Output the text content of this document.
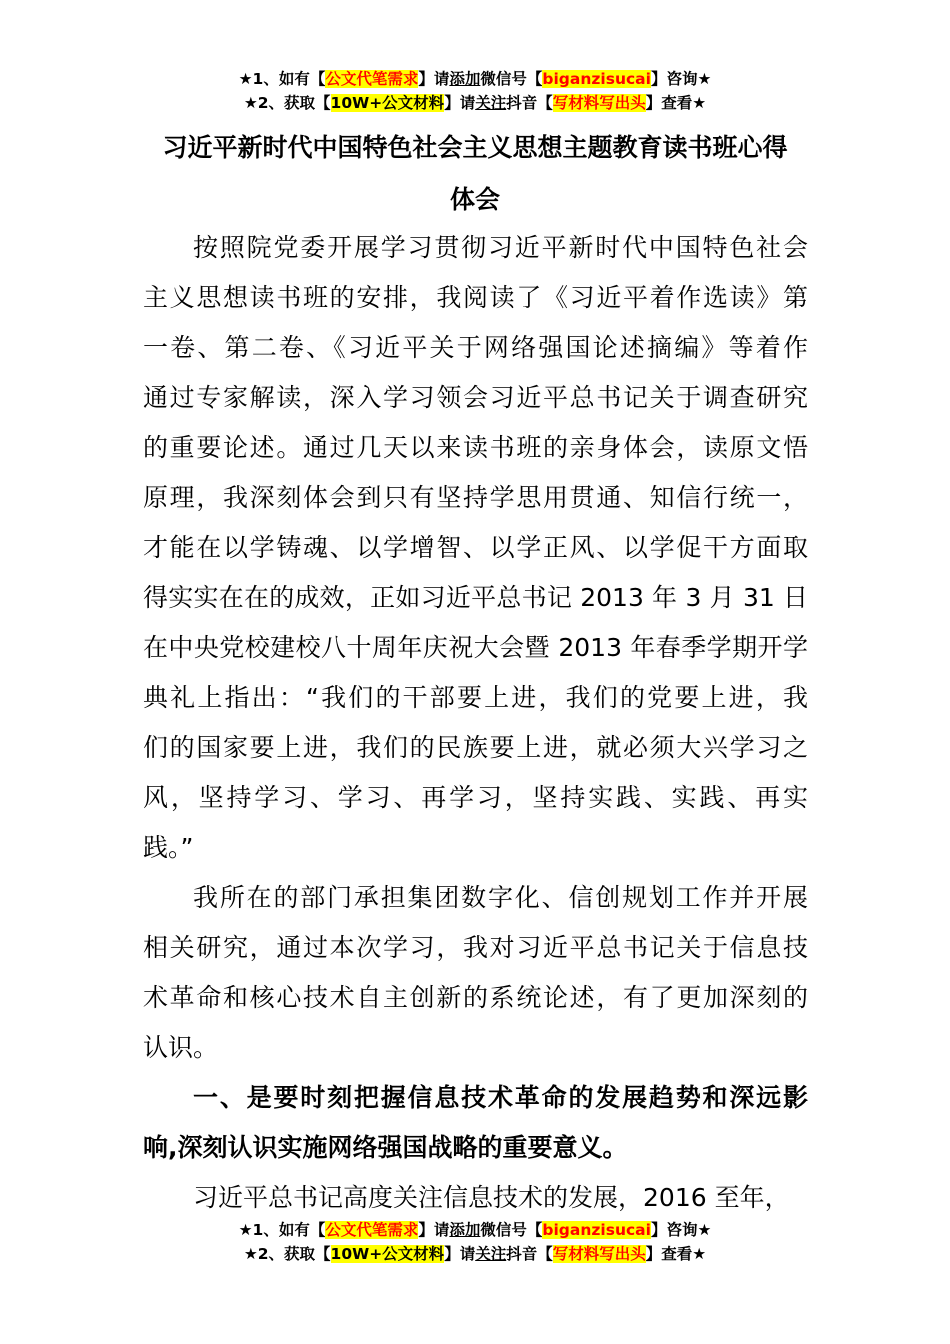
★1、如有【公文代笔需求】请添加微信号【biganzisucai】咨询★
★2、获取【10W+公文材料】请关注抖音【写材料写出头】查看★
习近平新时代中国特色社会主义思想主题教育读书班心得
体会
按照院党委开展学习贯彻习近平新时代中国特色社会
主义思想读书班的安排，我阅读了《习近平着作选读》第
一卷、第二卷、《习近平关于网络强国论述摘编》等着作
通过专家解读，深入学习领会习近平总书记关于调查研究
的重要论述。通过几天以来读书班的亲身体会，读原文悟
原理，我深刻体会到只有坚持学思用贯通、知信行统一，
才能在以学铸魂、以学增智、以学正风、以学促干方面取
得实实在在的成效，正如习近平总书记 2013 年 3 月 31 日
在中央党校建校八十周年庆祝大会暨 2013 年春季学期开学
典礼上指出：“我们的干部要上进，我们的党要上进，我
们的国家要上进，我们的民族要上进，就必须大兴学习之
风，坚持学习、学习、再学习，坚持实践、实践、再实
践。”
我所在的部门承担集团数字化、信创规划工作并开展
相关研究，通过本次学习，我对习近平总书记关于信息技
术革命和核心技术自主创新的系统论述，有了更加深刻的
认识。
一、是要时刻把握信息技术革命的发展趋势和深远影
响,深刻认识实施网络强国战略的重要意义。
习近平总书记高度关注信息技术的发展，2016 至年，
★1、如有【公文代笔需求】请添加微信号【biganzisucai】咨询★
★2、获取【10W+公文材料】请关注抖音【写材料写出头】查看★
